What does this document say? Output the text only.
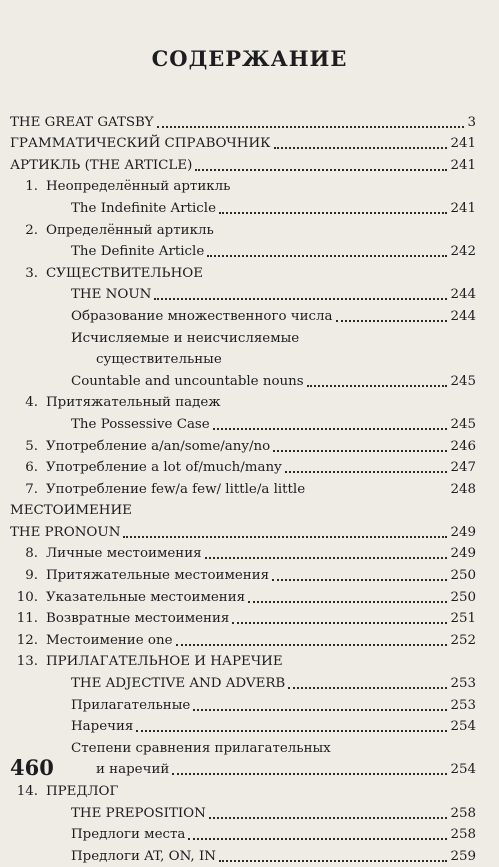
СОДЕРЖАНИЕ
THE GREAT GATSBY	3
ГРАММАТИЧЕСКИЙ СПРАВОЧНИК	241
АРТИКЛЬ (THE ARTICLE)	241
1. Неопределённый артикль
The Indefinite Article	241
2. Определённый артикль
The Definite Article	242
3. СУЩЕСТВИТЕЛЬНОЕ
THE NOUN	244
Образование множественного числа	244
Исчисляемые и неисчисляемые
существительные
Countable and uncountable nouns	245
4. Притяжательный падеж
The Possessive Case	245
5. Употребление a/an/some/any/no	246
6. Употребление a lot of/much/many	247
7. Употребление few/a few/ little/a little	248
МЕСТОИМЕНИЕ
THE PRONOUN	249
8. Личные местоимения	249
9. Притяжательные местоимения	250
10. Указательные местоимения	250
11. Возвратные местоимения	251
12. Местоимение one	252
13. ПРИЛАГАТЕЛЬНОЕ И НАРЕЧИЕ
THE ADJECTIVE AND ADVERB	253
Прилагательные	253
Наречия	254
Степени сравнения прилагательных
и наречий	254
14. ПРЕДЛОГ
THE PREPOSITION	258
Предлоги места	258
Предлоги AT, ON, IN	259
460
